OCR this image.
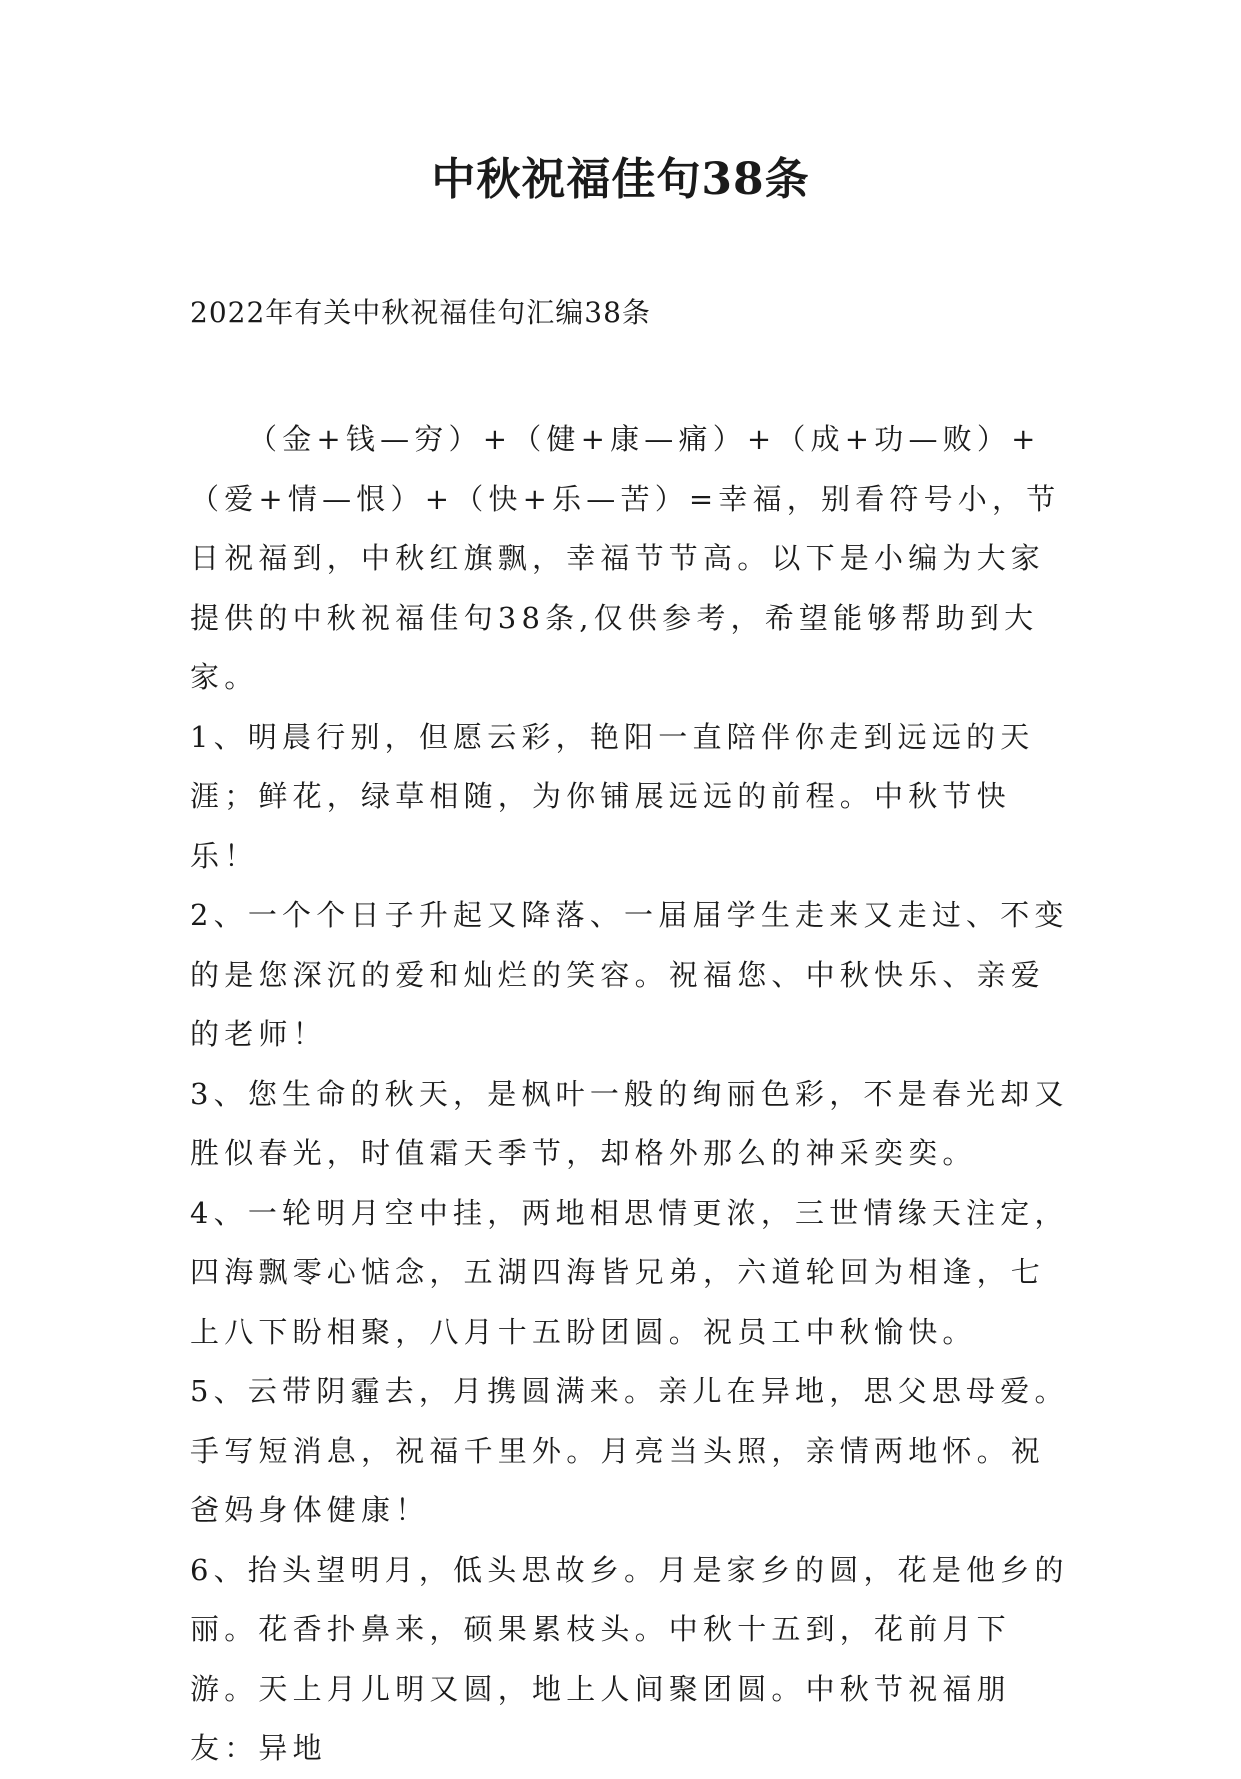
中秋祝福佳句38条

2022年有关中秋祝福佳句汇编38条

（金+钱—穷）+（健+康—痛）+（成+功—败）+（爱+情—恨）+（快+乐—苦）=幸福，别看符号小，节日祝福到，中秋红旗飘，幸福节节高。以下是小编为大家提供的中秋祝福佳句38条,仅供参考，希望能够帮助到大家。

1、明晨行别，但愿云彩，艳阳一直陪伴你走到远远的天涯；鲜花，绿草相随，为你铺展远远的前程。中秋节快乐！

2、一个个日子升起又降落、一届届学生走来又走过、不变的是您深沉的爱和灿烂的笑容。祝福您、中秋快乐、亲爱的老师！

3、您生命的秋天，是枫叶一般的绚丽色彩，不是春光却又胜似春光，时值霜天季节，却格外那么的神采奕奕。

4、一轮明月空中挂，两地相思情更浓，三世情缘天注定，四海飘零心惦念，五湖四海皆兄弟，六道轮回为相逢，七上八下盼相聚，八月十五盼团圆。祝员工中秋愉快。

5、云带阴霾去，月携圆满来。亲儿在异地，思父思母爱。手写短消息，祝福千里外。月亮当头照，亲情两地怀。祝爸妈身体健康！

6、抬头望明月，低头思故乡。月是家乡的圆，花是他乡的丽。花香扑鼻来，硕果累枝头。中秋十五到，花前月下游。天上月儿明又圆，地上人间聚团圆。中秋节祝福朋友：异地
